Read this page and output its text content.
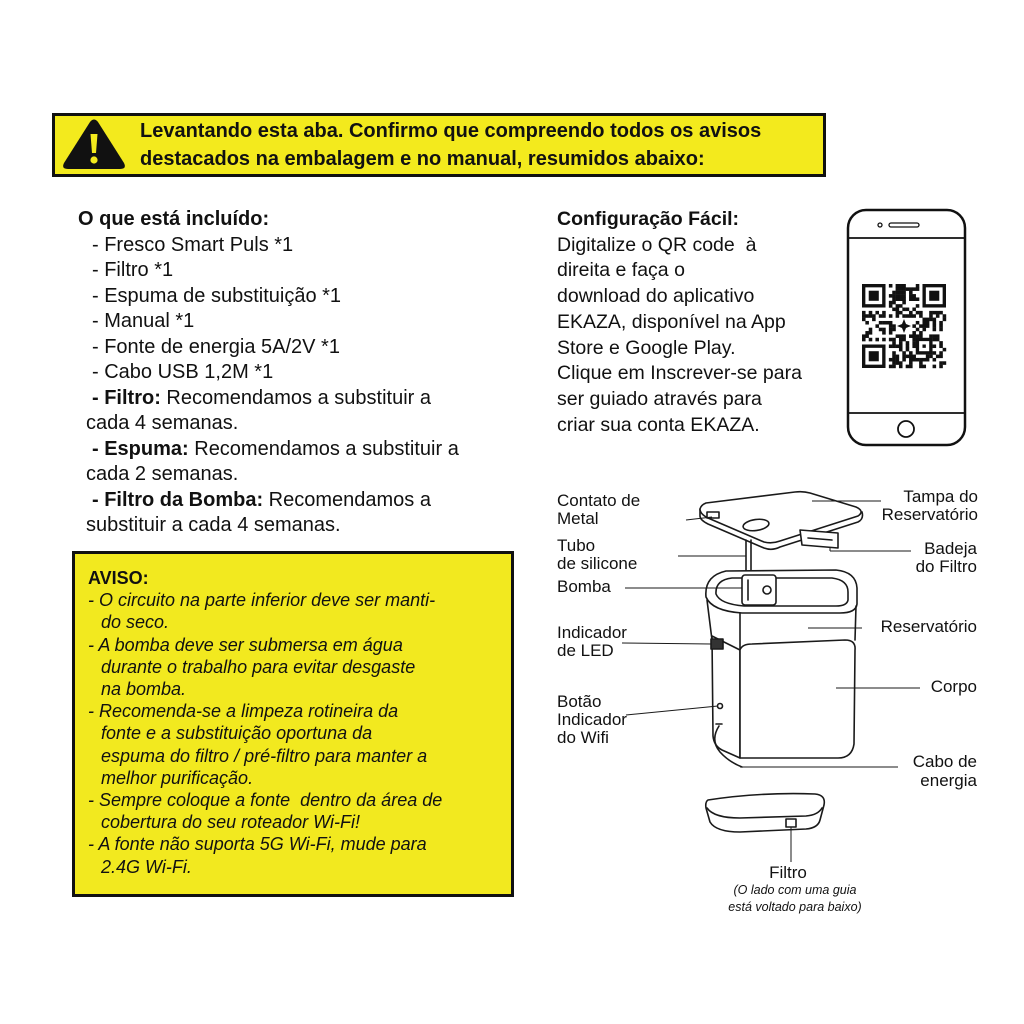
Levantando esta aba. Confirmo que compreendo todos os avisos
destacados na embalagem e no manual, resumidos abaixo:
O que está incluído:
- Fresco Smart Puls *1
- Filtro *1
- Espuma de substituição *1
- Manual *1
- Fonte de energia 5A/2V *1
- Cabo USB 1,2M *1
- Filtro: Recomendamos a substituir a
cada 4 semanas.
- Espuma: Recomendamos a substituir a
cada 2 semanas.
- Filtro da Bomba: Recomendamos a
substituir a cada 4 semanas.
Configuração Fácil:
Digitalize o QR code  à
direita e faça o
download do aplicativo
EKAZA, disponível na App
Store e Google Play.
Clique em Inscrever-se para
ser guiado através para
criar sua conta EKAZA.
AVISO:
- O circuito na parte inferior deve ser manti-
do seco.
- A bomba deve ser submersa em água
durante o trabalho para evitar desgaste
na bomba.
- Recomenda-se a limpeza rotineira da
fonte e a substituição oportuna da
espuma do filtro / pré-filtro para manter a
melhor purificação.
- Sempre coloque a fonte  dentro da área de
cobertura do seu roteador Wi-Fi!
- A fonte não suporta 5G Wi-Fi, mude para
2.4G Wi-Fi.
Contato de
Metal
Tubo
de silicone
Bomba
Indicador
de LED
Botão
Indicador
do Wifi
Tampa do
Reservatório
Badeja
do Filtro
Reservatório
Corpo
Cabo de
energia
Filtro
(O lado com uma guia
está voltado para baixo)
